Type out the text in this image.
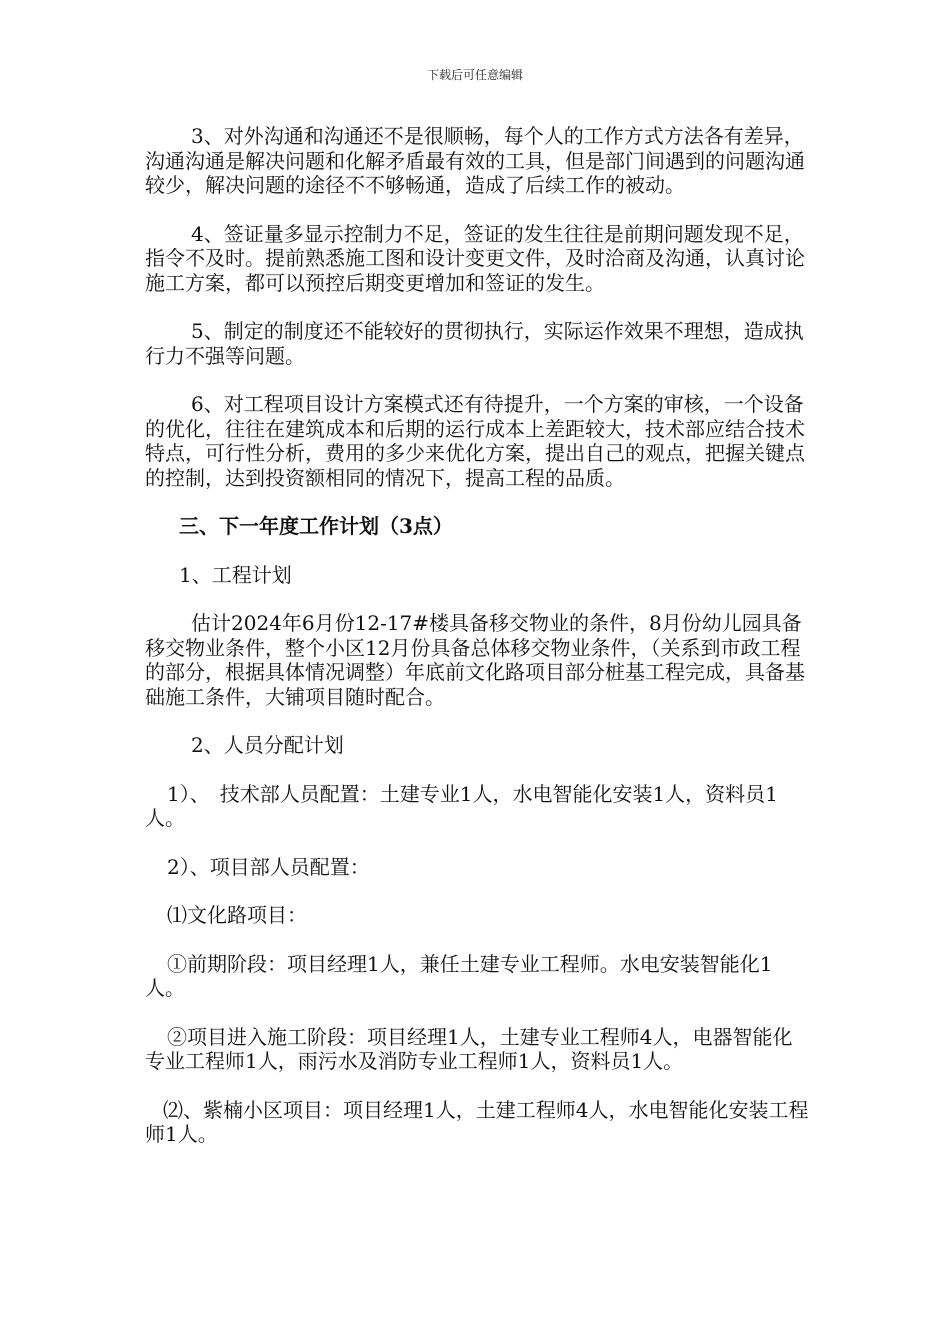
下载后可任意编辑

3、对外沟通和沟通还不是很顺畅，每个人的工作方式方法各有差异，沟通沟通是解决问题和化解矛盾最有效的工具，但是部门间遇到的问题沟通较少，解决问题的途径不不够畅通，造成了后续工作的被动。

4、签证量多显示控制力不足，签证的发生往往是前期问题发现不足，指令不及时。提前熟悉施工图和设计变更文件，及时洽商及沟通，认真讨论施工方案，都可以预控后期变更增加和签证的发生。

5、制定的制度还不能较好的贯彻执行，实际运作效果不理想，造成执行力不强等问题。

6、对工程项目设计方案模式还有待提升，一个方案的审核，一个设备的优化，往往在建筑成本和后期的运行成本上差距较大，技术部应结合技术特点，可行性分析，费用的多少来优化方案，提出自己的观点，把握关键点的控制，达到投资额相同的情况下，提高工程的品质。

三、下一年度工作计划（3点）

1、工程计划

估计2024年6月份12-17#楼具备移交物业的条件，8月份幼儿园具备移交物业条件，整个小区12月份具备总体移交物业条件，（关系到市政工程的部分，根据具体情况调整）年底前文化路项目部分桩基工程完成，具备基础施工条件，大铺项目随时配合。

2、人员分配计划

1）、　技术部人员配置：土建专业1人，水电智能化安装1人，资料员1人。

2）、项目部人员配置：

⑴文化路项目：

①前期阶段：项目经理1人，兼任土建专业工程师。水电安装智能化1人。

②项目进入施工阶段：项目经理1人，土建专业工程师4人，电器智能化专业工程师1人，雨污水及消防专业工程师1人，资料员1人。

⑵、紫楠小区项目：项目经理1人，土建工程师4人，水电智能化安装工程师1人。
